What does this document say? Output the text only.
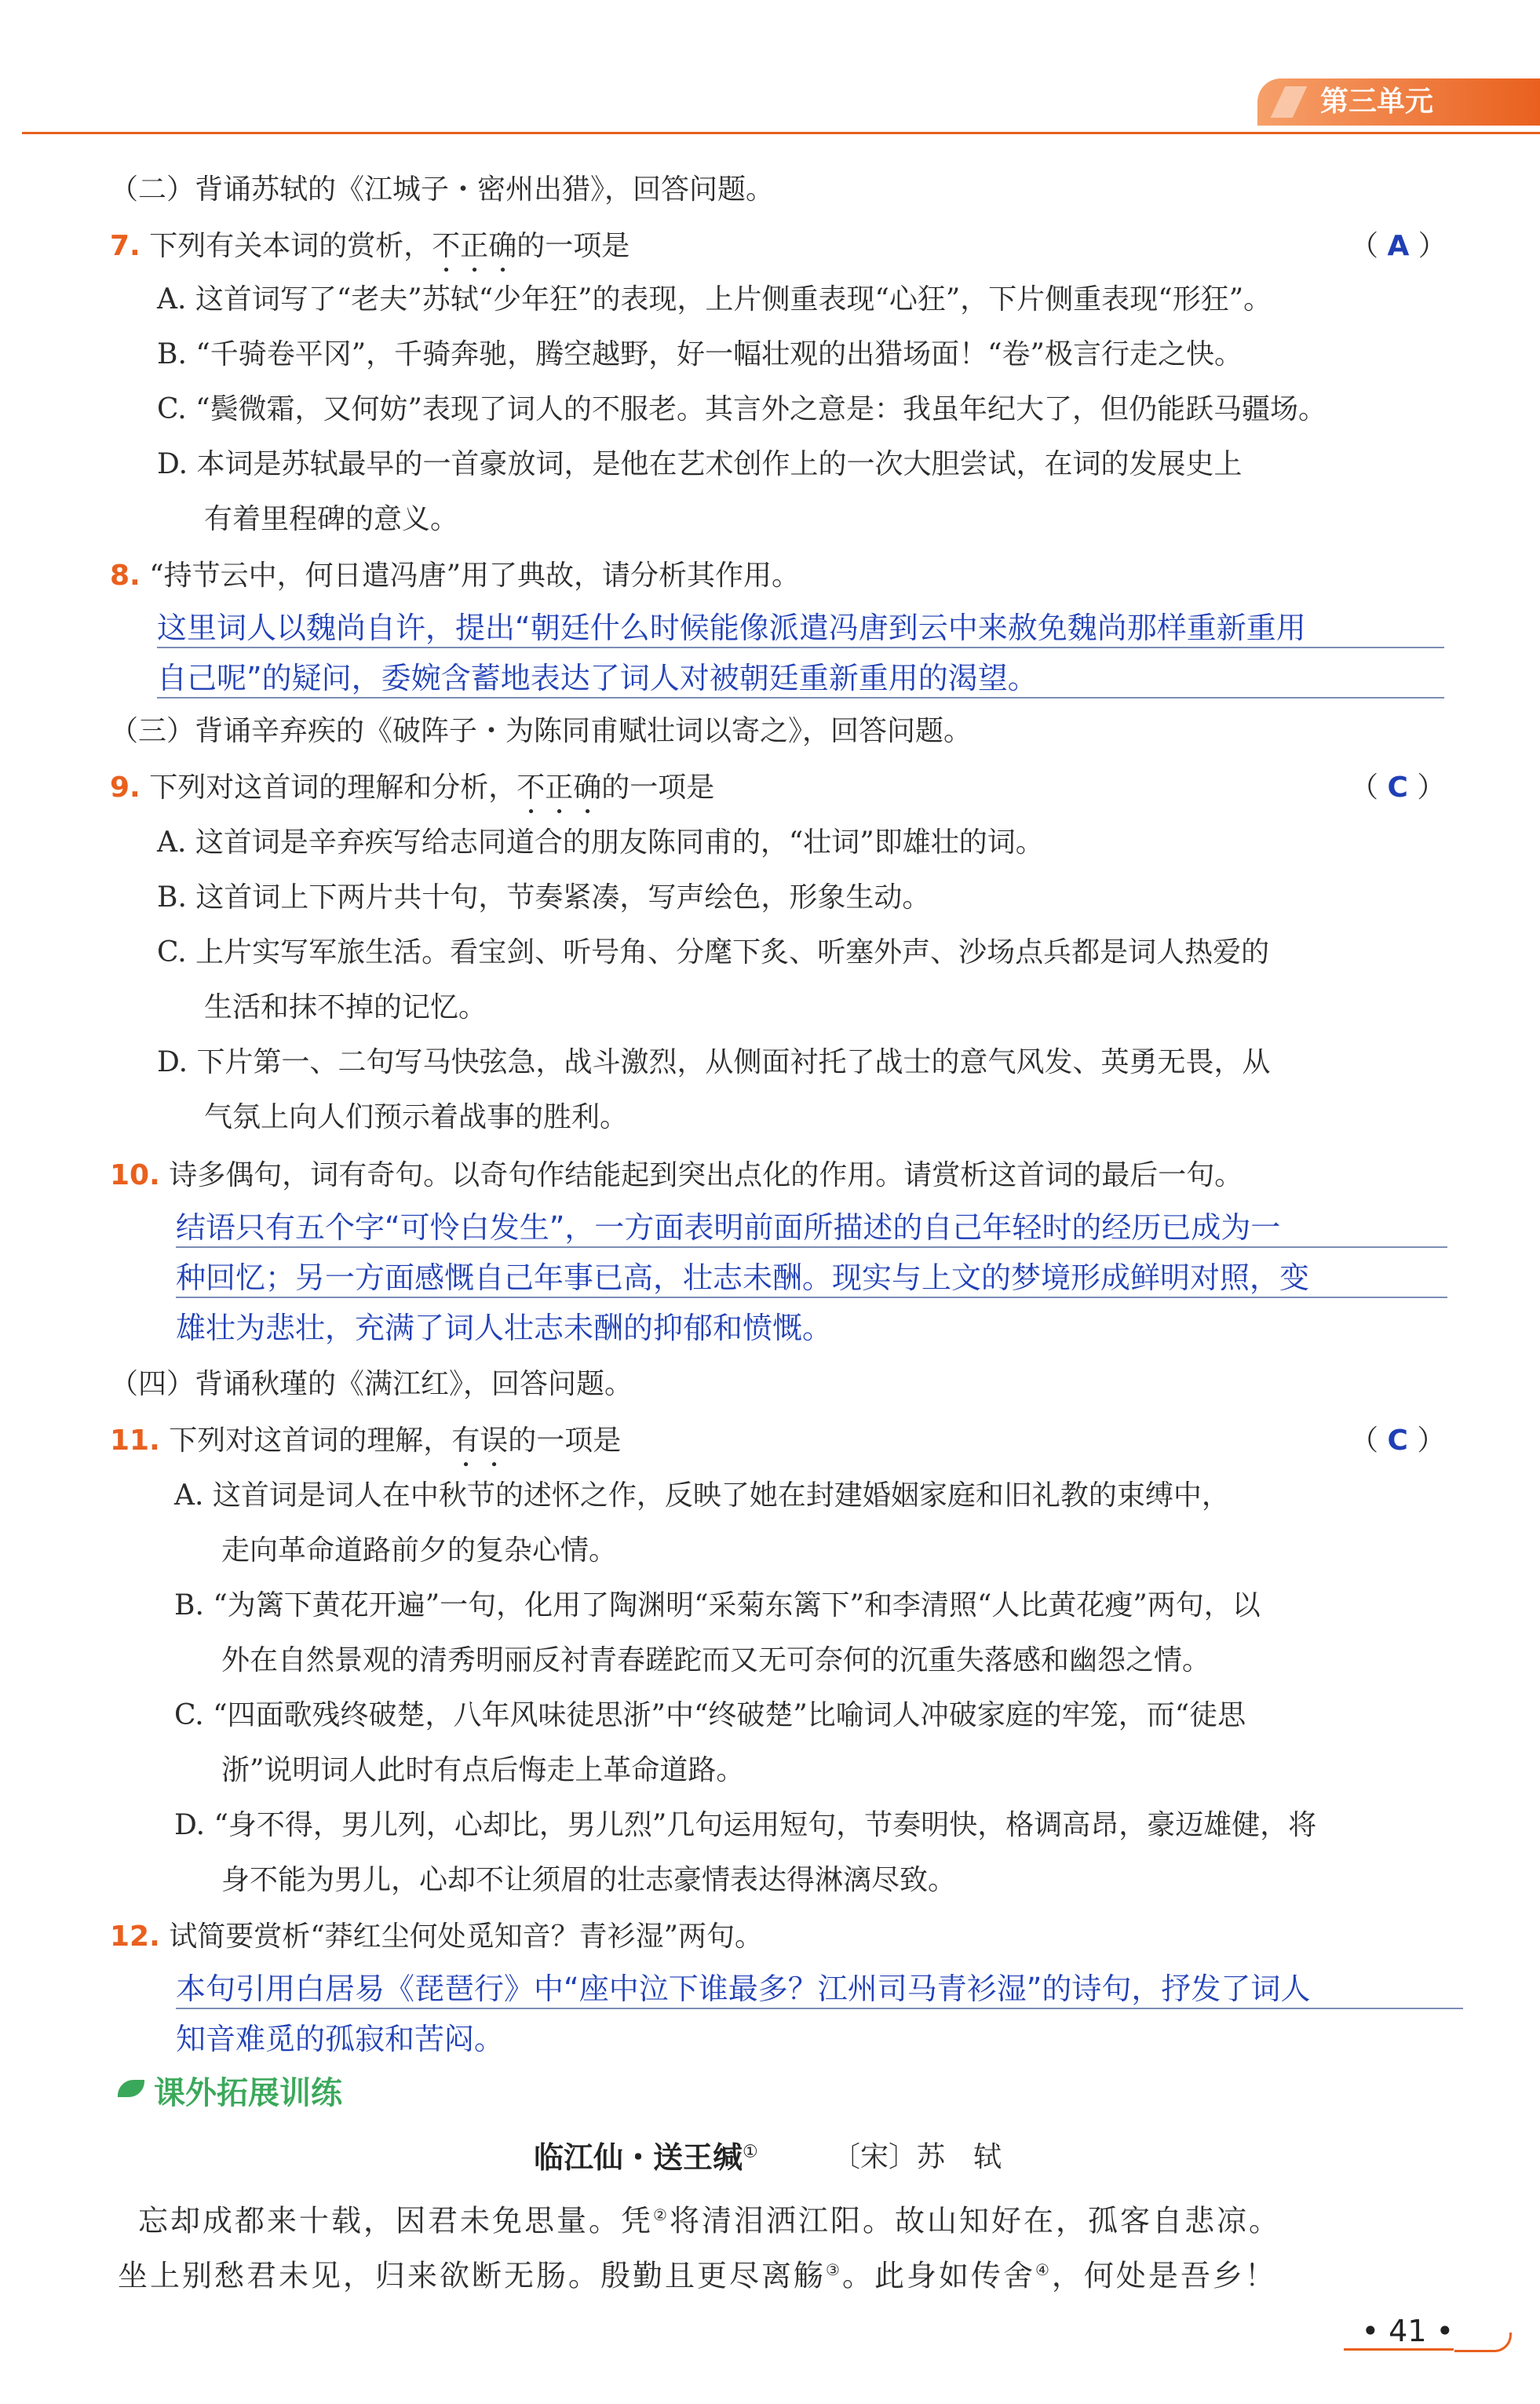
第三单元
（二）背诵苏轼的《江城子・密州出猎》，回答问题。
7. 下列有关本词的赏析，不正确的一项是	（ A ）
A. 这首词写了“老夫”苏轼“少年狂”的表现，上片侧重表现“心狂”，下片侧重表现“形狂”。
B. “千骑卷平冈”，千骑奔驰，腾空越野，好一幅壮观的出猎场面！“卷”极言行走之快。
C. “鬓微霜，又何妨”表现了词人的不服老。其言外之意是：我虽年纪大了，但仍能跃马疆场。
D. 本词是苏轼最早的一首豪放词，是他在艺术创作上的一次大胆尝试，在词的发展史上
有着里程碑的意义。
8. “持节云中，何日遣冯唐”用了典故，请分析其作用。
这里词人以魏尚自许，提出“朝廷什么时候能像派遣冯唐到云中来赦免魏尚那样重新重用
自己呢”的疑问，委婉含蓄地表达了词人对被朝廷重新重用的渴望。
（三）背诵辛弃疾的《破阵子・为陈同甫赋壮词以寄之》，回答问题。
9. 下列对这首词的理解和分析，不正确的一项是	（ C ）
A. 这首词是辛弃疾写给志同道合的朋友陈同甫的，“壮词”即雄壮的词。
B. 这首词上下两片共十句，节奏紧凑，写声绘色，形象生动。
C. 上片实写军旅生活。看宝剑、听号角、分麾下炙、听塞外声、沙场点兵都是词人热爱的
生活和抹不掉的记忆。
D. 下片第一、二句写马快弦急，战斗激烈，从侧面衬托了战士的意气风发、英勇无畏，从
气氛上向人们预示着战事的胜利。
10. 诗多偶句，词有奇句。以奇句作结能起到突出点化的作用。请赏析这首词的最后一句。
结语只有五个字“可怜白发生”，一方面表明前面所描述的自己年轻时的经历已成为一
种回忆；另一方面感慨自己年事已高，壮志未酬。现实与上文的梦境形成鲜明对照，变
雄壮为悲壮，充满了词人壮志未酬的抑郁和愤慨。
（四）背诵秋瑾的《满江红》，回答问题。
11. 下列对这首词的理解，有误的一项是	（ C ）
A. 这首词是词人在中秋节的述怀之作，反映了她在封建婚姻家庭和旧礼教的束缚中，
走向革命道路前夕的复杂心情。
B. “为篱下黄花开遍”一句，化用了陶渊明“采菊东篱下”和李清照“人比黄花瘦”两句，以
外在自然景观的清秀明丽反衬青春蹉跎而又无可奈何的沉重失落感和幽怨之情。
C. “四面歌残终破楚，八年风味徒思浙”中“终破楚”比喻词人冲破家庭的牢笼，而“徒思
浙”说明词人此时有点后悔走上革命道路。
D. “身不得，男儿列，心却比，男儿烈”几句运用短句，节奏明快，格调高昂，豪迈雄健，将
身不能为男儿，心却不让须眉的壮志豪情表达得淋漓尽致。
12. 试简要赏析“莽红尘何处觅知音？青衫湿”两句。
本句引用白居易《琵琶行》中“座中泣下谁最多？江州司马青衫湿”的诗句，抒发了词人
知音难觅的孤寂和苦闷。
课外拓展训练
临江仙・送王缄①	〔宋〕苏　轼
忘却成都来十载，因君未免思量。凭②将清泪洒江阳。故山知好在，孤客自悲凉。
坐上别愁君未见，归来欲断无肠。殷勤且更尽离觞③。此身如传舍④，何处是吾乡！
• 41 •
